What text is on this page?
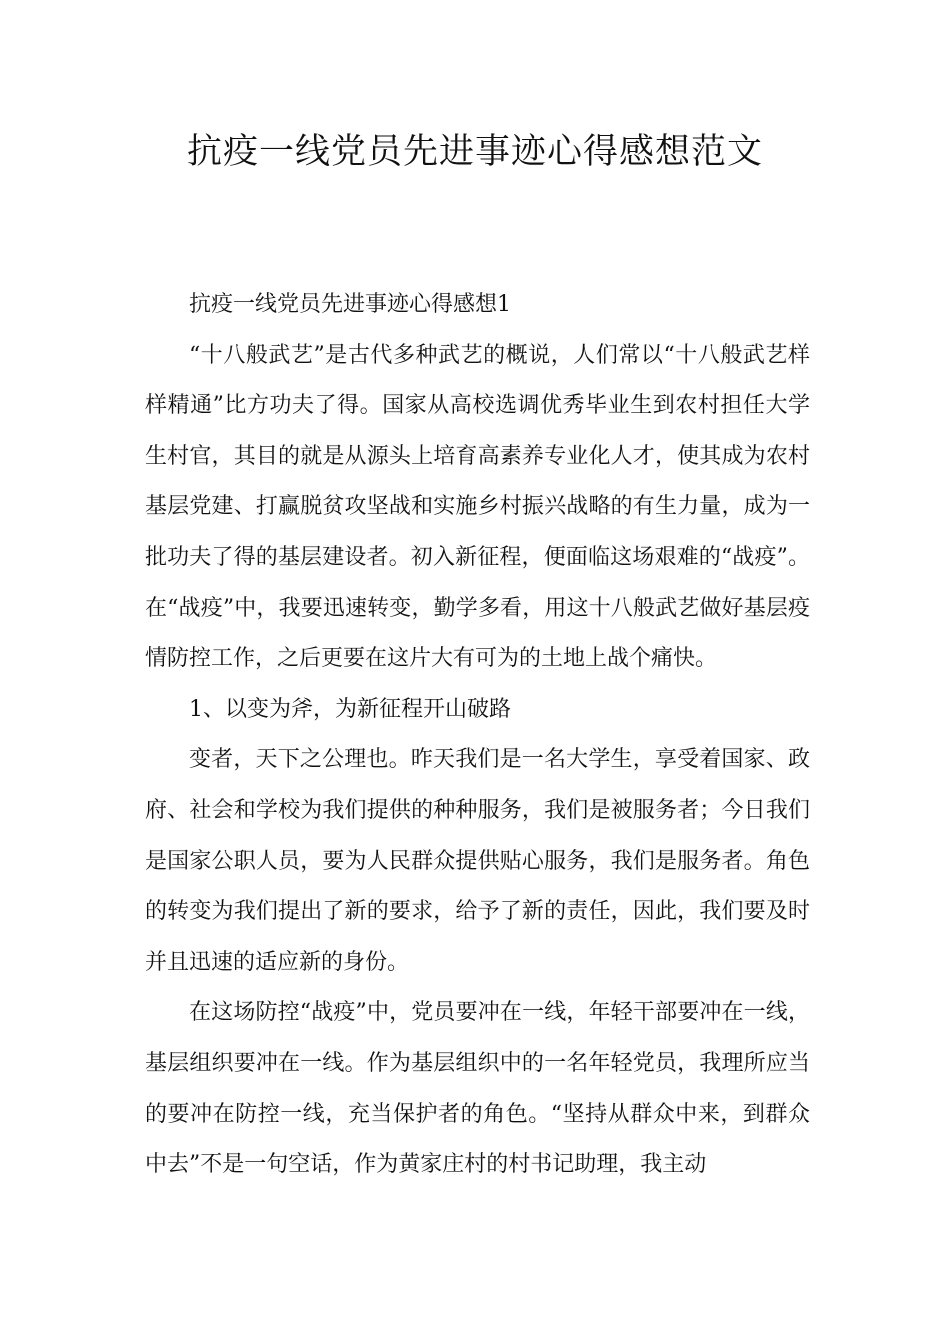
抗疫一线党员先进事迹心得感想范文

抗疫一线党员先进事迹心得感想1

“十八般武艺”是古代多种武艺的概说，人们常以“十八般武艺样样精通”比方功夫了得。国家从高校选调优秀毕业生到农村担任大学生村官，其目的就是从源头上培育高素养专业化人才，使其成为农村基层党建、打赢脱贫攻坚战和实施乡村振兴战略的有生力量，成为一批功夫了得的基层建设者。初入新征程，便面临这场艰难的“战疫”。在“战疫”中，我要迅速转变，勤学多看，用这十八般武艺做好基层疫情防控工作，之后更要在这片大有可为的土地上战个痛快。

1、以变为斧，为新征程开山破路

变者，天下之公理也。昨天我们是一名大学生，享受着国家、政府、社会和学校为我们提供的种种服务，我们是被服务者；今日我们是国家公职人员，要为人民群众提供贴心服务，我们是服务者。角色的转变为我们提出了新的要求，给予了新的责任，因此，我们要及时并且迅速的适应新的身份。

在这场防控“战疫”中，党员要冲在一线，年轻干部要冲在一线，基层组织要冲在一线。作为基层组织中的一名年轻党员，我理所应当的要冲在防控一线，充当保护者的角色。“坚持从群众中来，到群众中去”不是一句空话，作为黄家庄村的村书记助理，我主动
